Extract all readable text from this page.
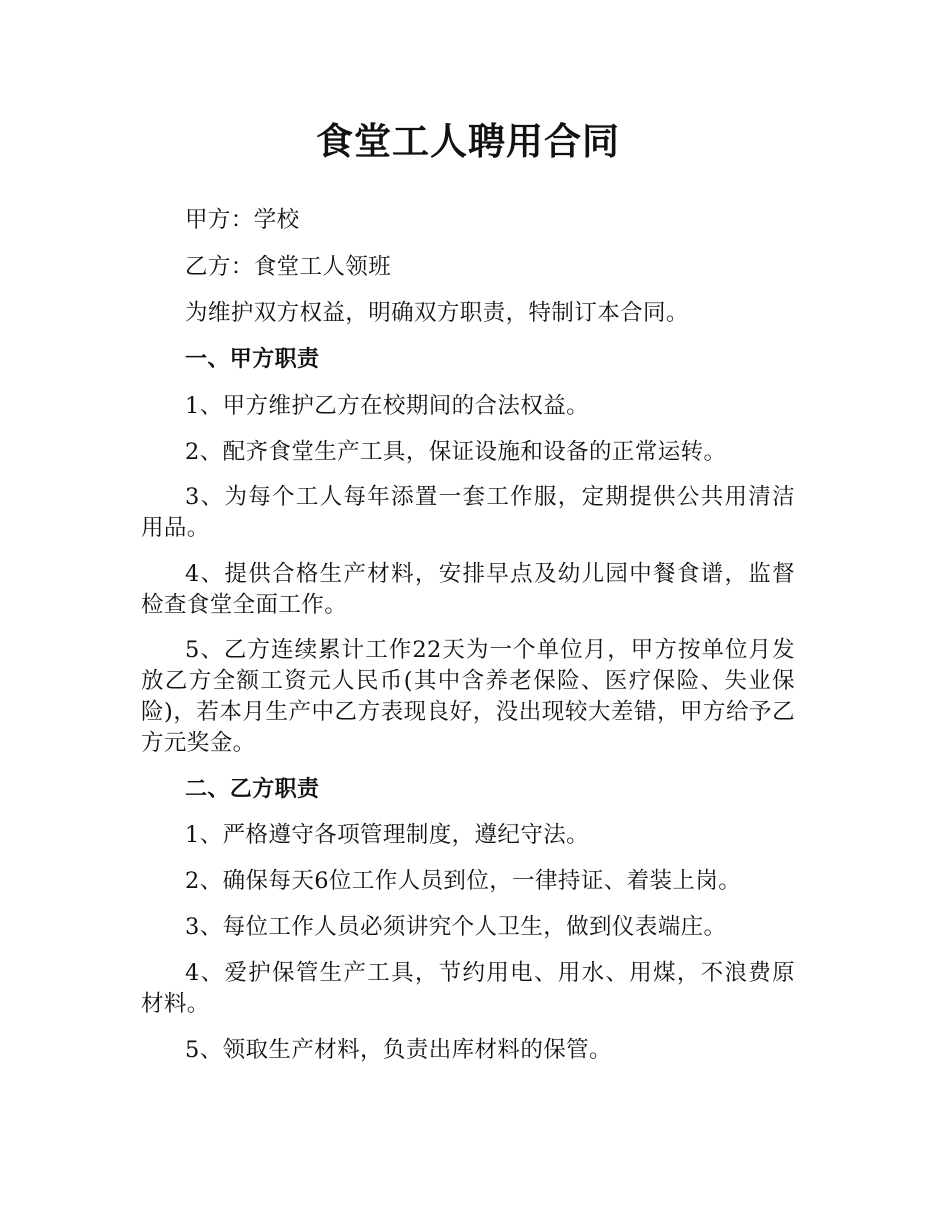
食堂工人聘用合同

甲方：学校

乙方：食堂工人领班

为维护双方权益，明确双方职责，特制订本合同。

一、甲方职责

1、甲方维护乙方在校期间的合法权益。

2、配齐食堂生产工具，保证设施和设备的正常运转。

3、为每个工人每年添置一套工作服，定期提供公共用清洁用品。

4、提供合格生产材料，安排早点及幼儿园中餐食谱，监督检查食堂全面工作。

5、乙方连续累计工作22天为一个单位月，甲方按单位月发放乙方全额工资元人民币(其中含养老保险、医疗保险、失业保险)，若本月生产中乙方表现良好，没出现较大差错，甲方给予乙方元奖金。

二、乙方职责

1、严格遵守各项管理制度，遵纪守法。

2、确保每天6位工作人员到位，一律持证、着装上岗。

3、每位工作人员必须讲究个人卫生，做到仪表端庄。

4、爱护保管生产工具，节约用电、用水、用煤，不浪费原材料。

5、领取生产材料，负责出库材料的保管。
